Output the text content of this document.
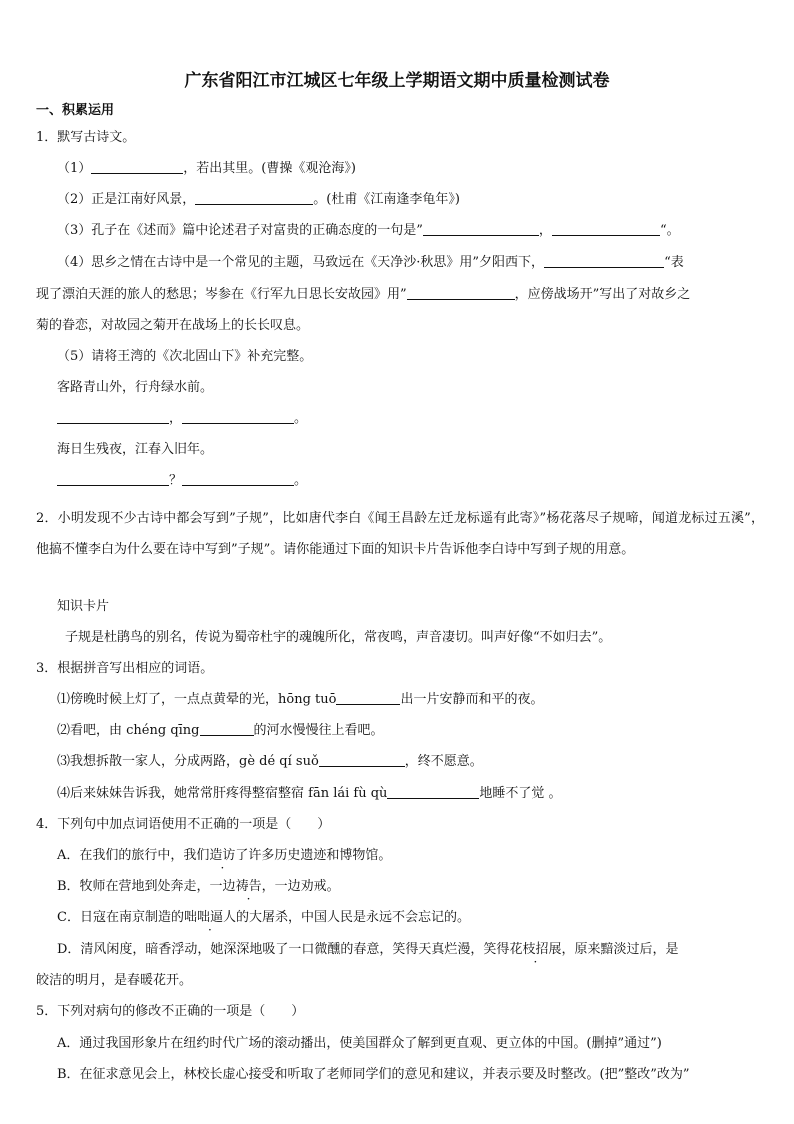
广东省阳江市江城区七年级上学期语文期中质量检测试卷
一、积累运用
1．默写古诗文。
（1）	，若出其里。(曹操《观沧海》)
（2）正是江南好风景，	。(杜甫《江南逢李龟年》)
（3）孔子在《述而》篇中论述君子对富贵的正确态度的一句是”	，	“。
（4）思乡之情在古诗中是一个常见的主题，马致远在《天净沙·秋思》用”夕阳西下，	“表
现了漂泊天涯的旅人的愁思；岑参在《行军九日思长安故园》用”	，应傍战场开”写出了对故乡之
菊的眷恋，对故园之菊开在战场上的长长叹息。
（5）请将王湾的《次北固山下》补充完整。
客路青山外，行舟绿水前。
，	。
海日生残夜，江春入旧年。
？	。
2．小明发现不少古诗中都会写到”子规”，比如唐代李白《闻王昌龄左迁龙标遥有此寄》”杨花落尽子规啼，闻道龙标过五溪”，他搞不懂李白为什么要在诗中写到”子规”。请你能通过下面的知识卡片告诉他李白诗中写到子规的用意。
知识卡片
子规是杜鹃鸟的别名，传说为蜀帝杜宇的魂魄所化，常夜鸣，声音凄切。叫声好像“不如归去”。
3．根据拼音写出相应的词语。
⑴傍晚时候上灯了，一点点黄晕的光，hōng tuō	出一片安静而和平的夜。
⑵看吧，由 chéng qīng	的河水慢慢往上看吧。
⑶我想拆散一家人，分成两路，gè dé qí suǒ	，终不愿意。
⑷后来妹妹告诉我，她常常肝疼得整宿整宿 fān lái fù qù	地睡不了觉 。
4．下列句中加点词语使用不正确的一项是（　　）
A．在我们的旅行中，我们造访了许多历史遗迹和博物馆。
B．牧师在营地到处奔走，一边祷告，一边劝戒。
C．日寇在南京制造的咄咄逼人的大屠杀，中国人民是永远不会忘记的。
D．清风闲度，暗香浮动，她深深地吸了一口微醺的春意，笑得天真烂漫，笑得花枝招展，原来黯淡过后，是
皎洁的明月，是春暖花开。
5．下列对病句的修改不正确的一项是（　　）
A．通过我国形象片在纽约时代广场的滚动播出，使美国群众了解到更直观、更立体的中国。(删掉”通过”)
B．在征求意见会上，林校长虚心接受和听取了老师同学们的意见和建议，并表示要及时整改。(把”整改”改为”
